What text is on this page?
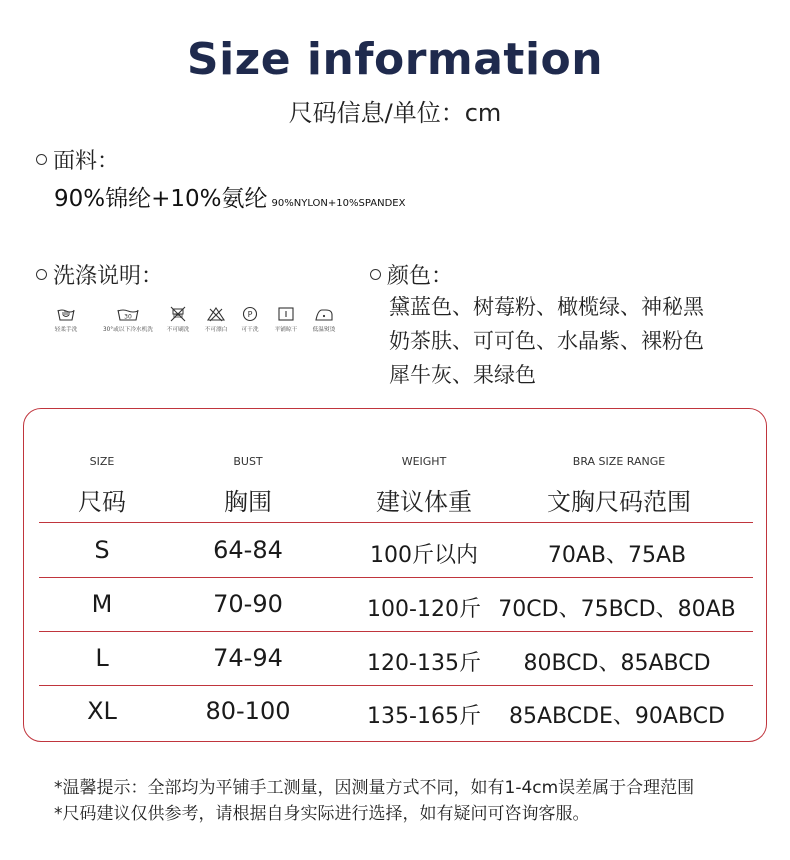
Size information
尺码信息/单位：cm
面料：
90%锦纶+10%氨纶 90%NYLON+10%SPANDEX
洗涤说明：
轻柔手洗
30
30°或以下冷水机洗	不可刷洗	不可漂白
P
可干洗	平铺晾干	低温熨烫
颜色：
黛蓝色、树莓粉、橄榄绿、神秘黑
奶茶肤、可可色、水晶紫、裸粉色
犀牛灰、果绿色
SIZE	BUST	WEIGHT	BRA SIZE RANGE
尺码	胸围	建议体重	文胸尺码范围
S	64-84	100斤以内	70AB、75AB
M	70-90	100-120斤 70CD、75BCD、80AB
L	74-94	120-135斤	80BCD、85ABCD
XL	80-100	135-165斤	85ABCDE、90ABCD
*温馨提示：全部均为平铺手工测量，因测量方式不同，如有1-4cm误差属于合理范围
*尺码建议仅供参考，请根据自身实际进行选择，如有疑问可咨询客服。
